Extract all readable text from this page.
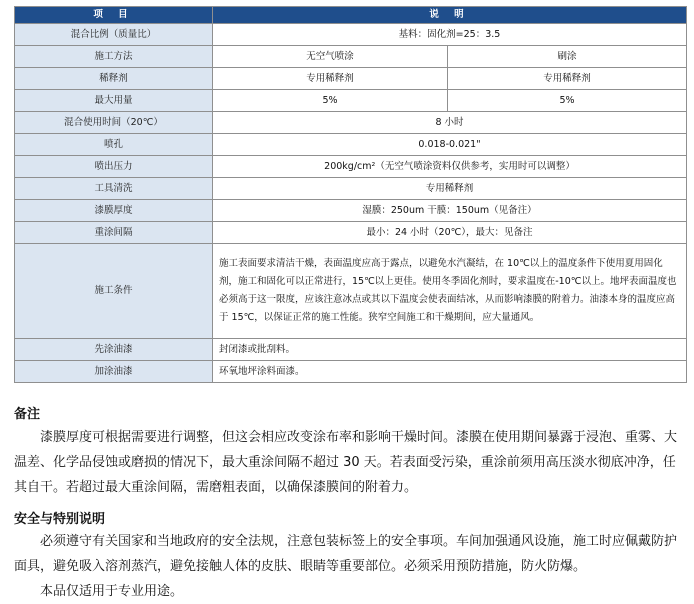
项 目	说 明	
混合比例（质量比）	基料：固化剂=25：3.5	
施工方法	无空气喷涂	刷涂
稀释剂	专用稀释剂	专用稀释剂
最大用量	5%	5%
混合使用时间（20℃）	8 小时	
喷孔	0.018-0.021"	
喷出压力	200kg/cm²（无空气喷涂资料仅供参考，实用时可以调整）	
工具清洗	专用稀释剂	
漆膜厚度	湿膜：250um 干膜：150um（见备注）	
重涂间隔	最小：24 小时（20℃），最大：见备注	
施工条件	施工表面要求清洁干燥，表面温度应高于露点，以避免水汽凝结，在 10℃以上的温度条件下使用夏用固化剂，施工和固化可以正常进行，15℃以上更佳。使用冬季固化剂时，要求温度在-10℃以上。地坪表面温度也必须高于这一限度，应该注意冰点或其以下温度会使表面结冰，从而影响漆膜的附着力。油漆本身的温度应高于 15℃，以保证正常的施工性能。狭窄空间施工和干燥期间，应大量通风。	
先涂油漆	封闭漆或批刮料。	
加涂油漆	环氧地坪涂料面漆。	
备注

漆膜厚度可根据需要进行调整，但这会相应改变涂布率和影响干燥时间。漆膜在使用期间暴露于浸泡、重雾、大温差、化学品侵蚀或磨损的情况下，最大重涂间隔不超过 30 天。若表面受污染，重涂前须用高压淡水彻底冲净，任其自干。若超过最大重涂间隔，需磨粗表面，以确保漆膜间的附着力。

安全与特别说明

必须遵守有关国家和当地政府的安全法规，注意包装标签上的安全事项。车间加强通风设施，施工时应佩戴防护面具，避免吸入溶剂蒸汽，避免接触人体的皮肤、眼睛等重要部位。必须采用预防措施，防火防爆。

本品仅适用于专业用途。
